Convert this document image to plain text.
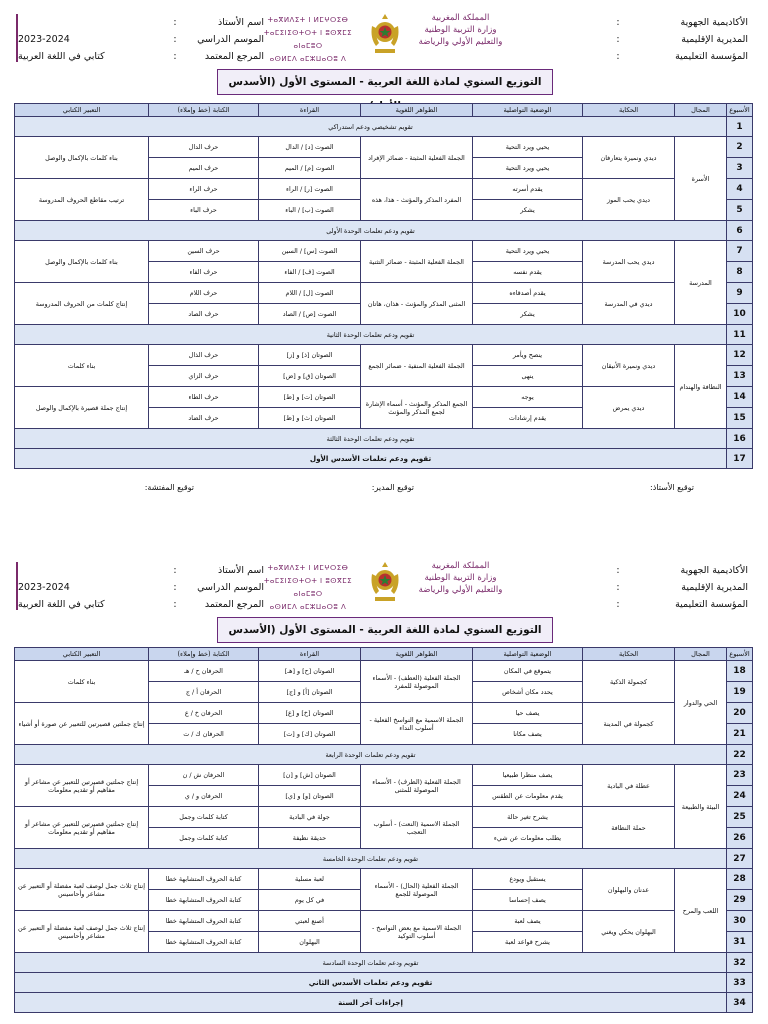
الأكاديمية الجهوية
:
المديرية الإقليمية
:
المؤسسة التعليمية
:
ⵜⴰⴳⵍⴷⵉⵜ ⵏ ⵍⵎⵖⵔⵉⴱ
ⵜⴰⵎⵉⵏⵉⵙⵜⵔⵜ ⵏ ⵓⵙⴳⵎⵉ ⴰⵏⴰⵎⵓⵔ
ⴰⵙⵍⵎⴷ ⴰⵎⵣⵡⴰⵔⵓ ⴷ
المملكة المغربية
وزارة التربية الوطنية
والتعليم الأولي والرياضة
اسم الأستاذ
:
الموسم الدراسي
:
2023-2024
المرجع المعتمد
:
كتابي في اللغة العربية
التوزيع السنوي لمادة اللغة العربية - المستوى الأول (الأسدس
الأسبوع	المجال	الحكاية	الوضعية التواصلية	الظواهر اللغوية	القراءة	الكتابة (خط وإملاء)	التعبير الكتابي
1	تقويم تشخيصي ودعم استدراكي						
2	الأسرة	ديدي ونميرة يتعارفان	يحيي ويرد التحية	الجملة الفعلية المثبتة - ضمائر الإفراد	الصوت [د] / الدال	حرف الدال	بناء كلمات بالإكمال والوصل
3			يحيي ويرد التحية		الصوت [م] / الميم	حرف الميم	
4		ديدي يحب الموز	يقدم أسرته	المفرد المذكر والمؤنث - هذا، هذه	الصوت [ر] / الراء	حرف الراء	ترتيب مقاطع الحروف المدروسة
5			يشكر		الصوت [ب] / الباء	حرف الباء	
6	تقويم ودعم تعلمات الوحدة الأولى						
7	المدرسة	ديدي يحب المدرسة	يحيي ويرد التحية	الجملة الفعلية المثبتة - ضمائر التثنية	الصوت [س] / السين	حرف السين	بناء كلمات بالإكمال والوصل
8			يقدم نفسه		الصوت [ف] / الفاء	حرف الفاء	
9		ديدي في المدرسة	يقدم أصدقاءه	المثنى المذكر والمؤنث - هذان، هاتان	الصوت [ل] / اللام	حرف اللام	إنتاج كلمات من الحروف المدروسة
10			يشكر		الصوت [ص] / الصاد	حرف الصاد	
11	تقويم ودعم تعلمات الوحدة الثانية						
12	النظافة والهندام	ديدي ونميرة الأنيقان	ينصح ويأمر	الجملة الفعلية المنفية - ضمائر الجمع	الصوتان [ذ] و [ز]	حرف الذال	بناء كلمات
13			ينهى		الصوتان [ق] و [ض]	حرف الزاي	
14		ديدي يمرض	يوجه	الجمع المذكر والمؤنث - أسماء الإشارة لجمع المذكر والمؤنث	الصوتان [ت] و [ط]	حرف الطاء	إنتاج جملة قصيرة بالإكمال والوصل
15			يقدم إرشادات		الصوتان [ث] و [ظ]	حرف الضاد	
16	تقويم ودعم تعلمات الوحدة الثالثة						
17	تقويم ودعم تعلمات الأسدس الأول						
توقيع الأستاذ:
توقيع المدير:
توقيع المفتشة:
الأكاديمية الجهوية
:
المديرية الإقليمية
:
المؤسسة التعليمية
:
ⵜⴰⴳⵍⴷⵉⵜ ⵏ ⵍⵎⵖⵔⵉⴱ
ⵜⴰⵎⵉⵏⵉⵙⵜⵔⵜ ⵏ ⵓⵙⴳⵎⵉ ⴰⵏⴰⵎⵓⵔ
ⴰⵙⵍⵎⴷ ⴰⵎⵣⵡⴰⵔⵓ ⴷ
المملكة المغربية
وزارة التربية الوطنية
والتعليم الأولي والرياضة
اسم الأستاذ
:
الموسم الدراسي
:
2023-2024
المرجع المعتمد
:
كتابي في اللغة العربية
التوزيع السنوي لمادة اللغة العربية - المستوى الأول (الأسدس
الأسبوع	المجال	الحكاية	الوضعية التواصلية	الظواهر اللغوية	القراءة	الكتابة (خط وإملاء)	التعبير الكتابي
18	الحي والدوار	كجمولة الذكية	يتموقع في المكان	الجملة الفعلية (العطف) - الأسماء الموصولة للمفرد	الصوتان [ح] و [هـ]	الحرفان ح / هـ	بناء كلمات
19			يحدد مكان أشخاص		الصوتان [أ] و [ج]	الحرفان أ / ج	
20		كجمولة في المدينة	يصف حيا	الجملة الاسمية مع النواسخ الفعلية - أسلوب النداء	الصوتان [خ] و [ع]	الحرفان خ / ع	إنتاج جملتين قصيرتين للتعبير عن صورة أو أشياء
21			يصف مكانا		الصوتان [ك] و [ت]	الحرفان ك / ت	
22	تقويم ودعم تعلمات الوحدة الرابعة						
23	البيئة والطبيعة	عطلة في البادية	يصف منظرا طبيعيا	الجملة الفعلية (الظرف) - الأسماء الموصولة للمثنى	الصوتان [ش] و [ن]	الحرفان ش / ن	إنتاج جملتين قصيرتين للتعبير عن مشاعر أو مفاهيم أو تقديم معلومات
24			يقدم معلومات عن الطقس		الصوتان [و] و [ي]	الحرفان و / ي	
25		حملة النظافة	يشرح تغير حالة	الجملة الاسمية (النعت) - أسلوب التعجب	جولة في البادية	كتابة كلمات وجمل	إنتاج جملتين قصيرتين للتعبير عن مشاعر أو مفاهيم أو تقديم معلومات
26			يطلب معلومات عن شيء		حديقة نظيفة	كتابة كلمات وجمل	
27	تقويم ودعم تعلمات الوحدة الخامسة						
28	اللعب والمرح	عدنان والبهلوان	يستقبل ويودع	الجملة الفعلية (الحال) - الأسماء الموصولة للجمع	لعبة مسلية	كتابة الحروف المتشابهة خطا	إنتاج ثلاث جمل لوصف لعبة مفضلة أو التعبير عن مشاعر وأحاسيس
29			يصف إحساسا		في كل يوم	كتابة الحروف المتشابهة خطا	
30		البهلوان يحكي ويغني	يصف لعبة	الجملة الاسمية مع بعض النواسخ - أسلوب التوكيد	أصنع لعبتي	كتابة الحروف المتشابهة خطا	إنتاج ثلاث جمل لوصف لعبة مفضلة أو التعبير عن مشاعر وأحاسيس
31			يشرح قواعد لعبة		البهلوان	كتابة الحروف المتشابهة خطا	
32	تقويم ودعم تعلمات الوحدة السادسة						
33	تقويم ودعم تعلمات الأسدس الثاني						
34	إجراءات آخر السنة						
